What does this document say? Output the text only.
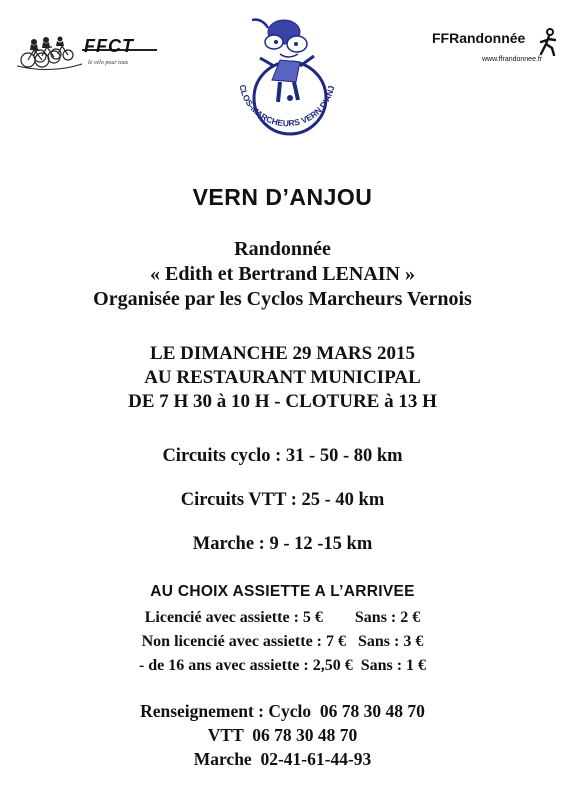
FFCT
le vélo pour tous
CLOS-MARCHEURS VERN D'ANJ
FFRandonnée
www.ffrandonnee.fr
VERN D’ANJOU
Randonnée
« Edith et Bertrand LENAIN »
Organisée par les Cyclos Marcheurs Vernois
LE DIMANCHE 29 MARS 2015
AU RESTAURANT MUNICIPAL
DE 7 H 30 à 10 H - CLOTURE à 13 H
Circuits cyclo : 31 - 50 - 80 km
Circuits VTT : 25 - 40 km
Marche : 9 - 12 -15 km
AU CHOIX ASSIETTE A L’ARRIVEE
Licencié avec assiette : 5 €        Sans : 2 €
Non licencié avec assiette : 7 €   Sans : 3 €
- de 16 ans avec assiette : 2,50 €  Sans : 1 €
Renseignement : Cyclo  06 78 30 48 70
VTT  06 78 30 48 70
Marche  02-41-61-44-93
